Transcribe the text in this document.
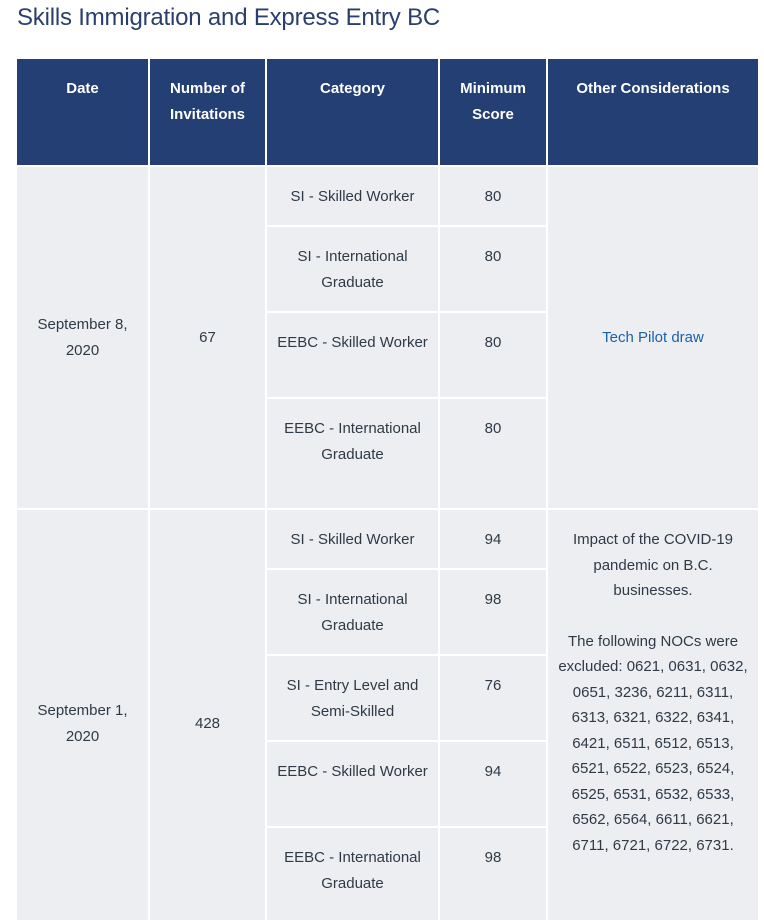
Skills Immigration and Express Entry BC
Date	Number of Invitations	Category	Minimum Score	Other Considerations
September 8, 2020	67	SI - Skilled Worker	80	Tech Pilot draw
		SI - International Graduate	80	
		EEBC - Skilled Worker	80	
		EEBC - International Graduate	80	
September 1, 2020	428	SI - Skilled Worker	94	Impact of the COVID-19 pandemic on B.C. businesses.
The following NOCs were excluded: 0621, 0631, 0632, 0651, 3236, 6211, 6311, 6313, 6321, 6322, 6341, 6421, 6511, 6512, 6513, 6521, 6522, 6523, 6524, 6525, 6531, 6532, 6533, 6562, 6564, 6611, 6621, 6711, 6721, 6722, 6731.

		SI - International Graduate	98	
		SI - Entry Level and Semi-Skilled	76	
		EEBC - Skilled Worker	94	
		EEBC - International Graduate	98	
